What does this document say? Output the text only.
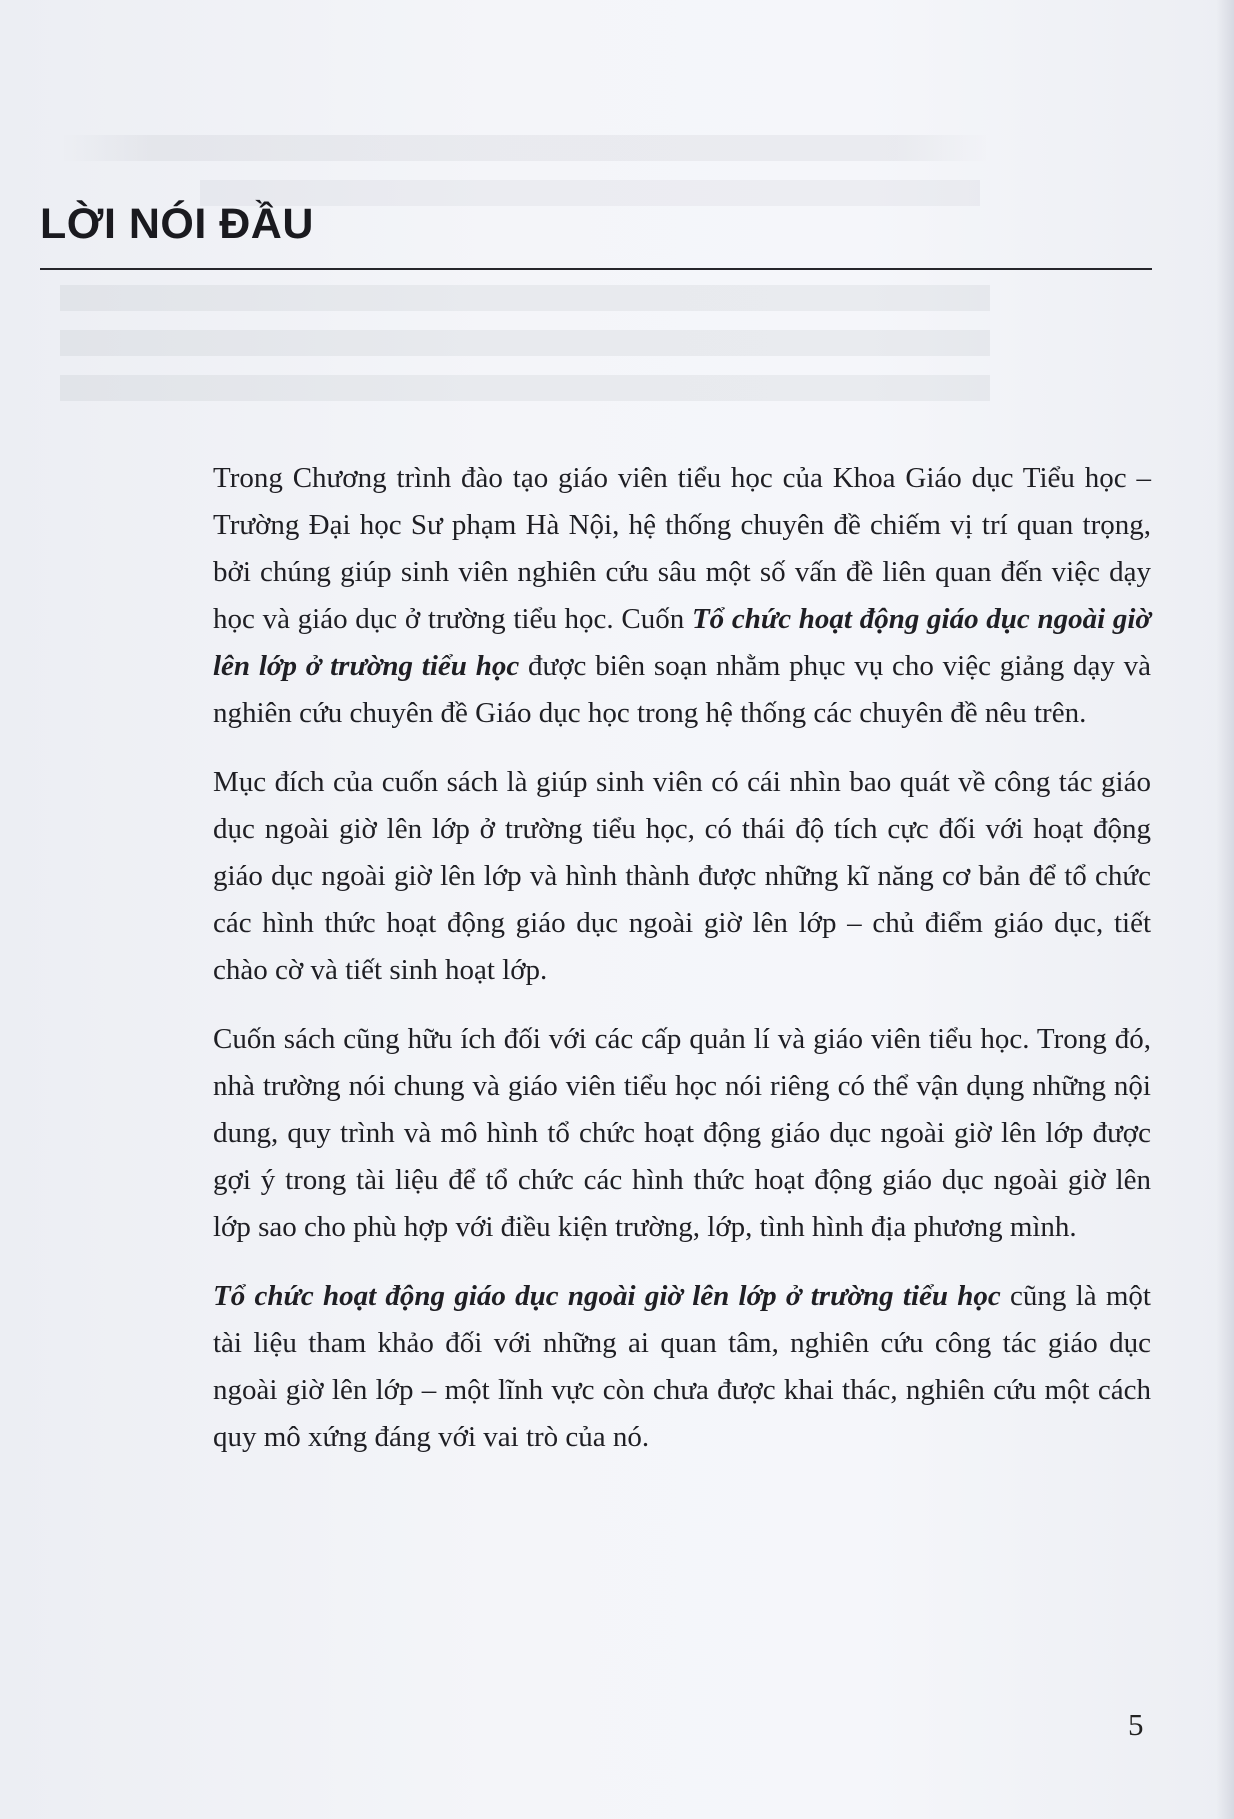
LỜI NÓI ĐẦU

Trong Chương trình đào tạo giáo viên tiểu học của Khoa Giáo dục Tiểu học – Trường Đại học Sư phạm Hà Nội, hệ thống chuyên đề chiếm vị trí quan trọng, bởi chúng giúp sinh viên nghiên cứu sâu một số vấn đề liên quan đến việc dạy học và giáo dục ở trường tiểu học. Cuốn Tổ chức hoạt động giáo dục ngoài giờ lên lớp ở trường tiểu học được biên soạn nhằm phục vụ cho việc giảng dạy và nghiên cứu chuyên đề Giáo dục học trong hệ thống các chuyên đề nêu trên.

Mục đích của cuốn sách là giúp sinh viên có cái nhìn bao quát về công tác giáo dục ngoài giờ lên lớp ở trường tiểu học, có thái độ tích cực đối với hoạt động giáo dục ngoài giờ lên lớp và hình thành được những kĩ năng cơ bản để tổ chức các hình thức hoạt động giáo dục ngoài giờ lên lớp – chủ điểm giáo dục, tiết chào cờ và tiết sinh hoạt lớp.

Cuốn sách cũng hữu ích đối với các cấp quản lí và giáo viên tiểu học. Trong đó, nhà trường nói chung và giáo viên tiểu học nói riêng có thể vận dụng những nội dung, quy trình và mô hình tổ chức hoạt động giáo dục ngoài giờ lên lớp được gợi ý trong tài liệu để tổ chức các hình thức hoạt động giáo dục ngoài giờ lên lớp sao cho phù hợp với điều kiện trường, lớp, tình hình địa phương mình.

Tổ chức hoạt động giáo dục ngoài giờ lên lớp ở trường tiểu học cũng là một tài liệu tham khảo đối với những ai quan tâm, nghiên cứu công tác giáo dục ngoài giờ lên lớp – một lĩnh vực còn chưa được khai thác, nghiên cứu một cách quy mô xứng đáng với vai trò của nó.

5
